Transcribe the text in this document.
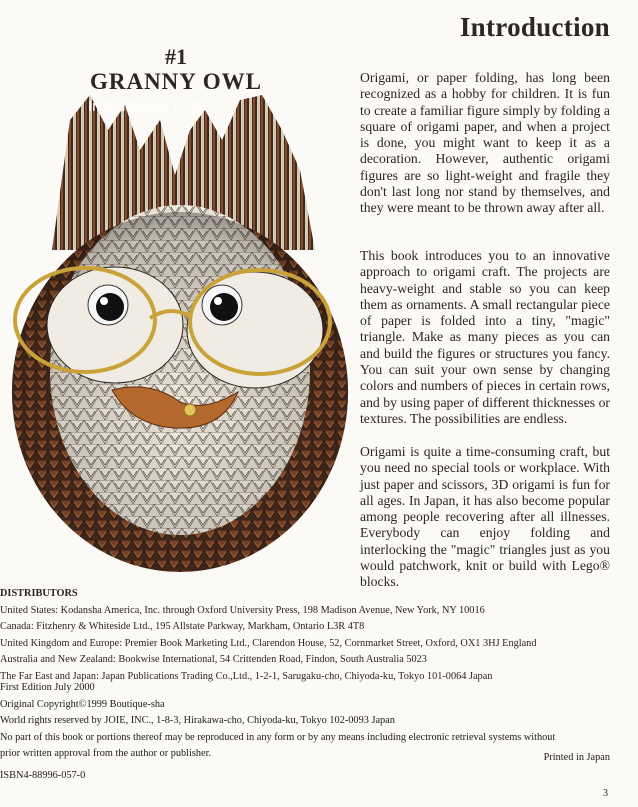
#1
GRANNY OWL
Instructions: P.79
Introduction

Origami, or paper folding, has long been recognized as a hobby for children. It is fun to create a familiar figure simply by folding a square of origami paper, and when a project is done, you might want to keep it as a decoration. However, authentic origami figures are so light-weight and fragile they don't last long nor stand by themselves, and they were meant to be thrown away after all.

This book introduces you to an innovative approach to origami craft. The projects are heavy-weight and stable so you can keep them as ornaments. A small rectangular piece of paper is folded into a tiny, "magic" triangle. Make as many pieces as you can and build the figures or structures you fancy. You can suit your own sense by changing colors and numbers of pieces in certain rows, and by using paper of different thicknesses or textures. The possibilities are endless.

Origami is quite a time-consuming craft, but you need no special tools or workplace. With just paper and scissors, 3D origami is fun for all ages. In Japan, it has also become popular among people recovering after all illnesses. Everybody can enjoy folding and interlocking the "magic" triangles just as you would patchwork, knit or build with Lego® blocks.

DISTRIBUTORS
United States: Kodansha America, Inc. through Oxford University Press, 198 Madison Avenue, New York, NY 10016
Canada: Fitzhenry & Whiteside Ltd., 195 Allstate Parkway, Markham, Ontario L3R 4T8
United Kingdom and Europe: Premier Book Marketing Ltd., Clarendon House, 52, Cornmarket Street, Oxford, OX1 3HJ England
Australia and New Zealand: Bookwise International, 54 Crittenden Road, Findon, South Australia 5023
The Far East and Japan: Japan Publications Trading Co.,Ltd., 1-2-1, Sarugaku-cho, Chiyoda-ku, Tokyo 101-0064 Japan
First Edition July 2000
Original Copyright©1999 Boutique-sha
World rights reserved by JOIE, INC., 1-8-3, Hirakawa-cho, Chiyoda-ku, Tokyo 102-0093 Japan
No part of this book or portions thereof may be reproduced in any form or by any means including electronic retrieval systems without
prior written approval from the author or publisher.	Printed in Japan
ISBN4-88996-057-0
3
